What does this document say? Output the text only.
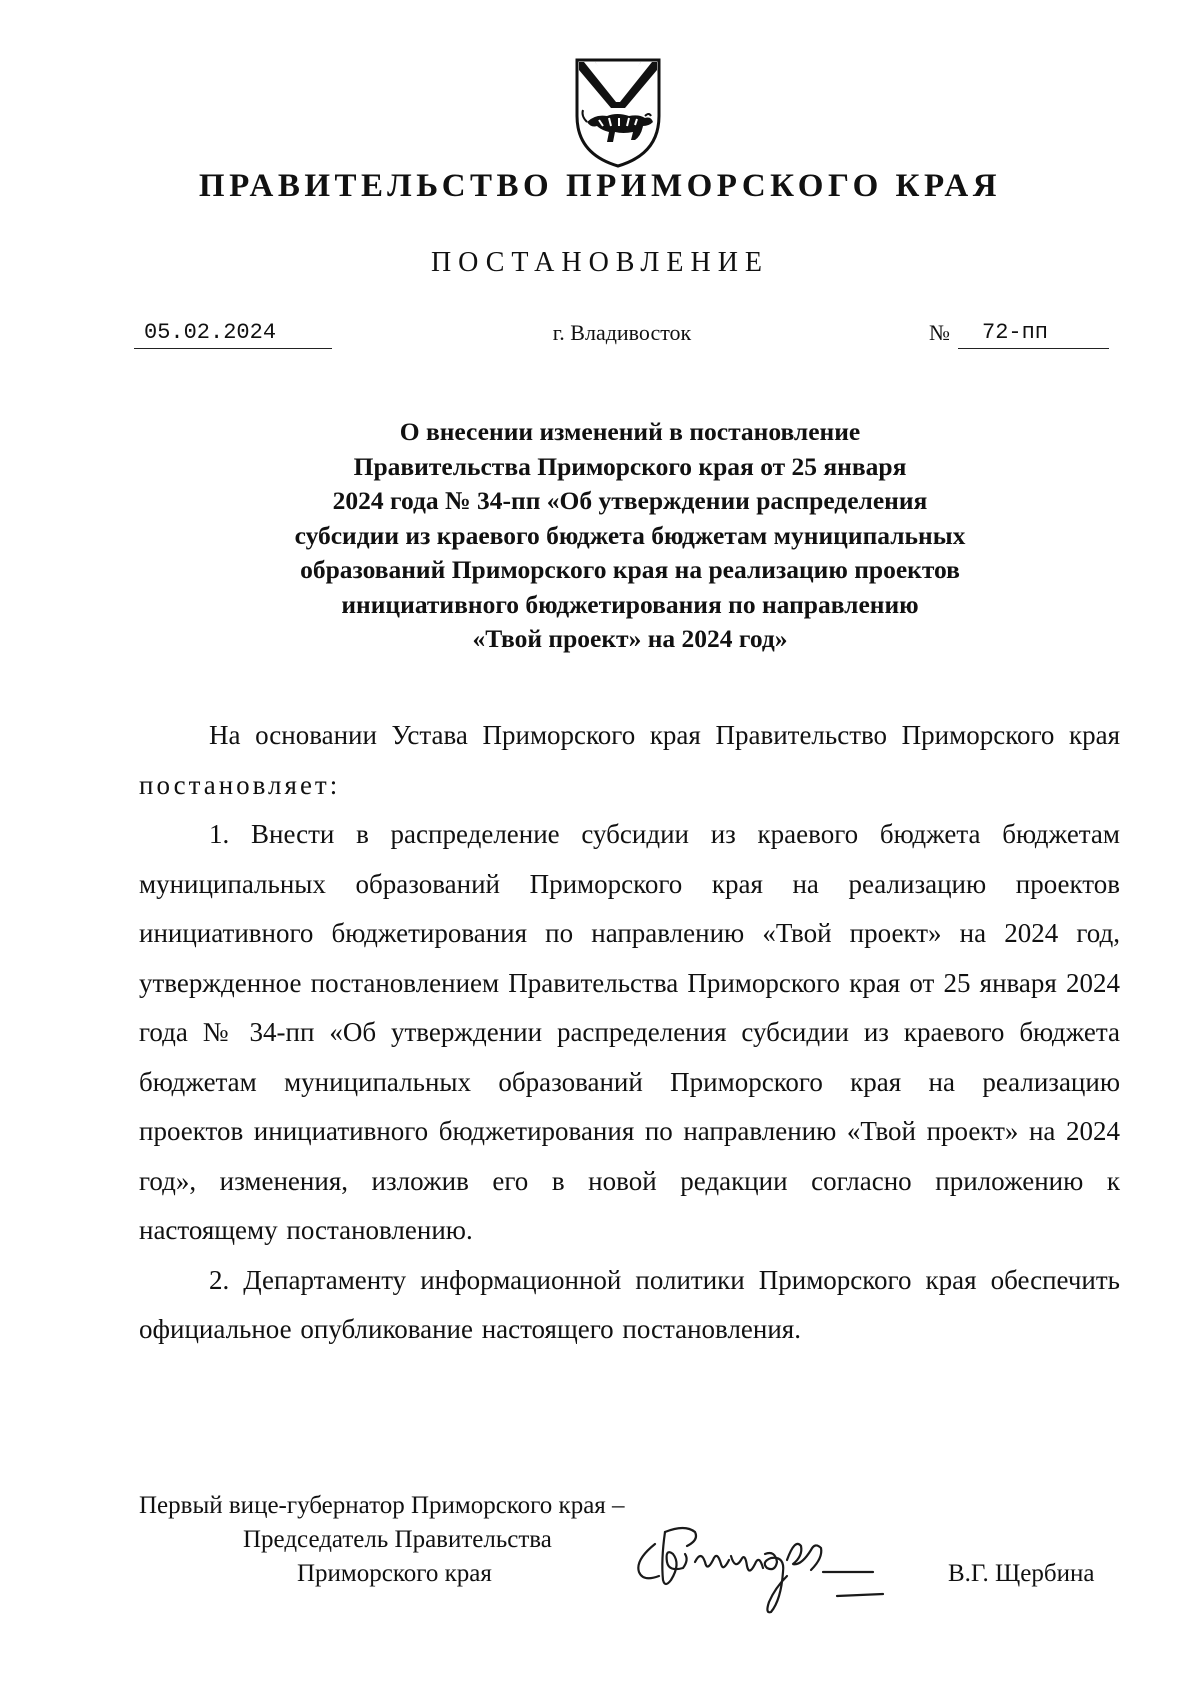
ПРАВИТЕЛЬСТВО ПРИМОРСКОГО КРАЯ
ПОСТАНОВЛЕНИЕ
05.02.2024	г. Владивосток	№	72-пп
О внесении изменений в постановление
Правительства Приморского края от 25 января
2024 года № 34-пп «Об утверждении распределения
субсидии из краевого бюджета бюджетам муниципальных
образований Приморского края на реализацию проектов
инициативного бюджетирования по направлению
«Твой проект» на 2024 год»

На основании Устава Приморского края Правительство Приморского края постановляет:

1. Внести в распределение субсидии из краевого бюджета бюджетам муниципальных образований Приморского края на реализацию проектов инициативного бюджетирования по направлению «Твой проект» на 2024 год, утвержденное постановлением Правительства Приморского края от 25 января 2024 года № 34-пп «Об утверждении распределения субсидии из краевого бюджета бюджетам муниципальных образований Приморского края на реализацию проектов инициативного бюджетирования по направлению «Твой проект» на 2024 год», изменения, изложив его в новой редакции согласно приложению к настоящему постановлению.

2. Департаменту информационной политики Приморского края обеспечить официальное опубликование настоящего постановления.

Первый вице-губернатор Приморского края –
Председатель Правительства
Приморского края	В.Г. Щербина
